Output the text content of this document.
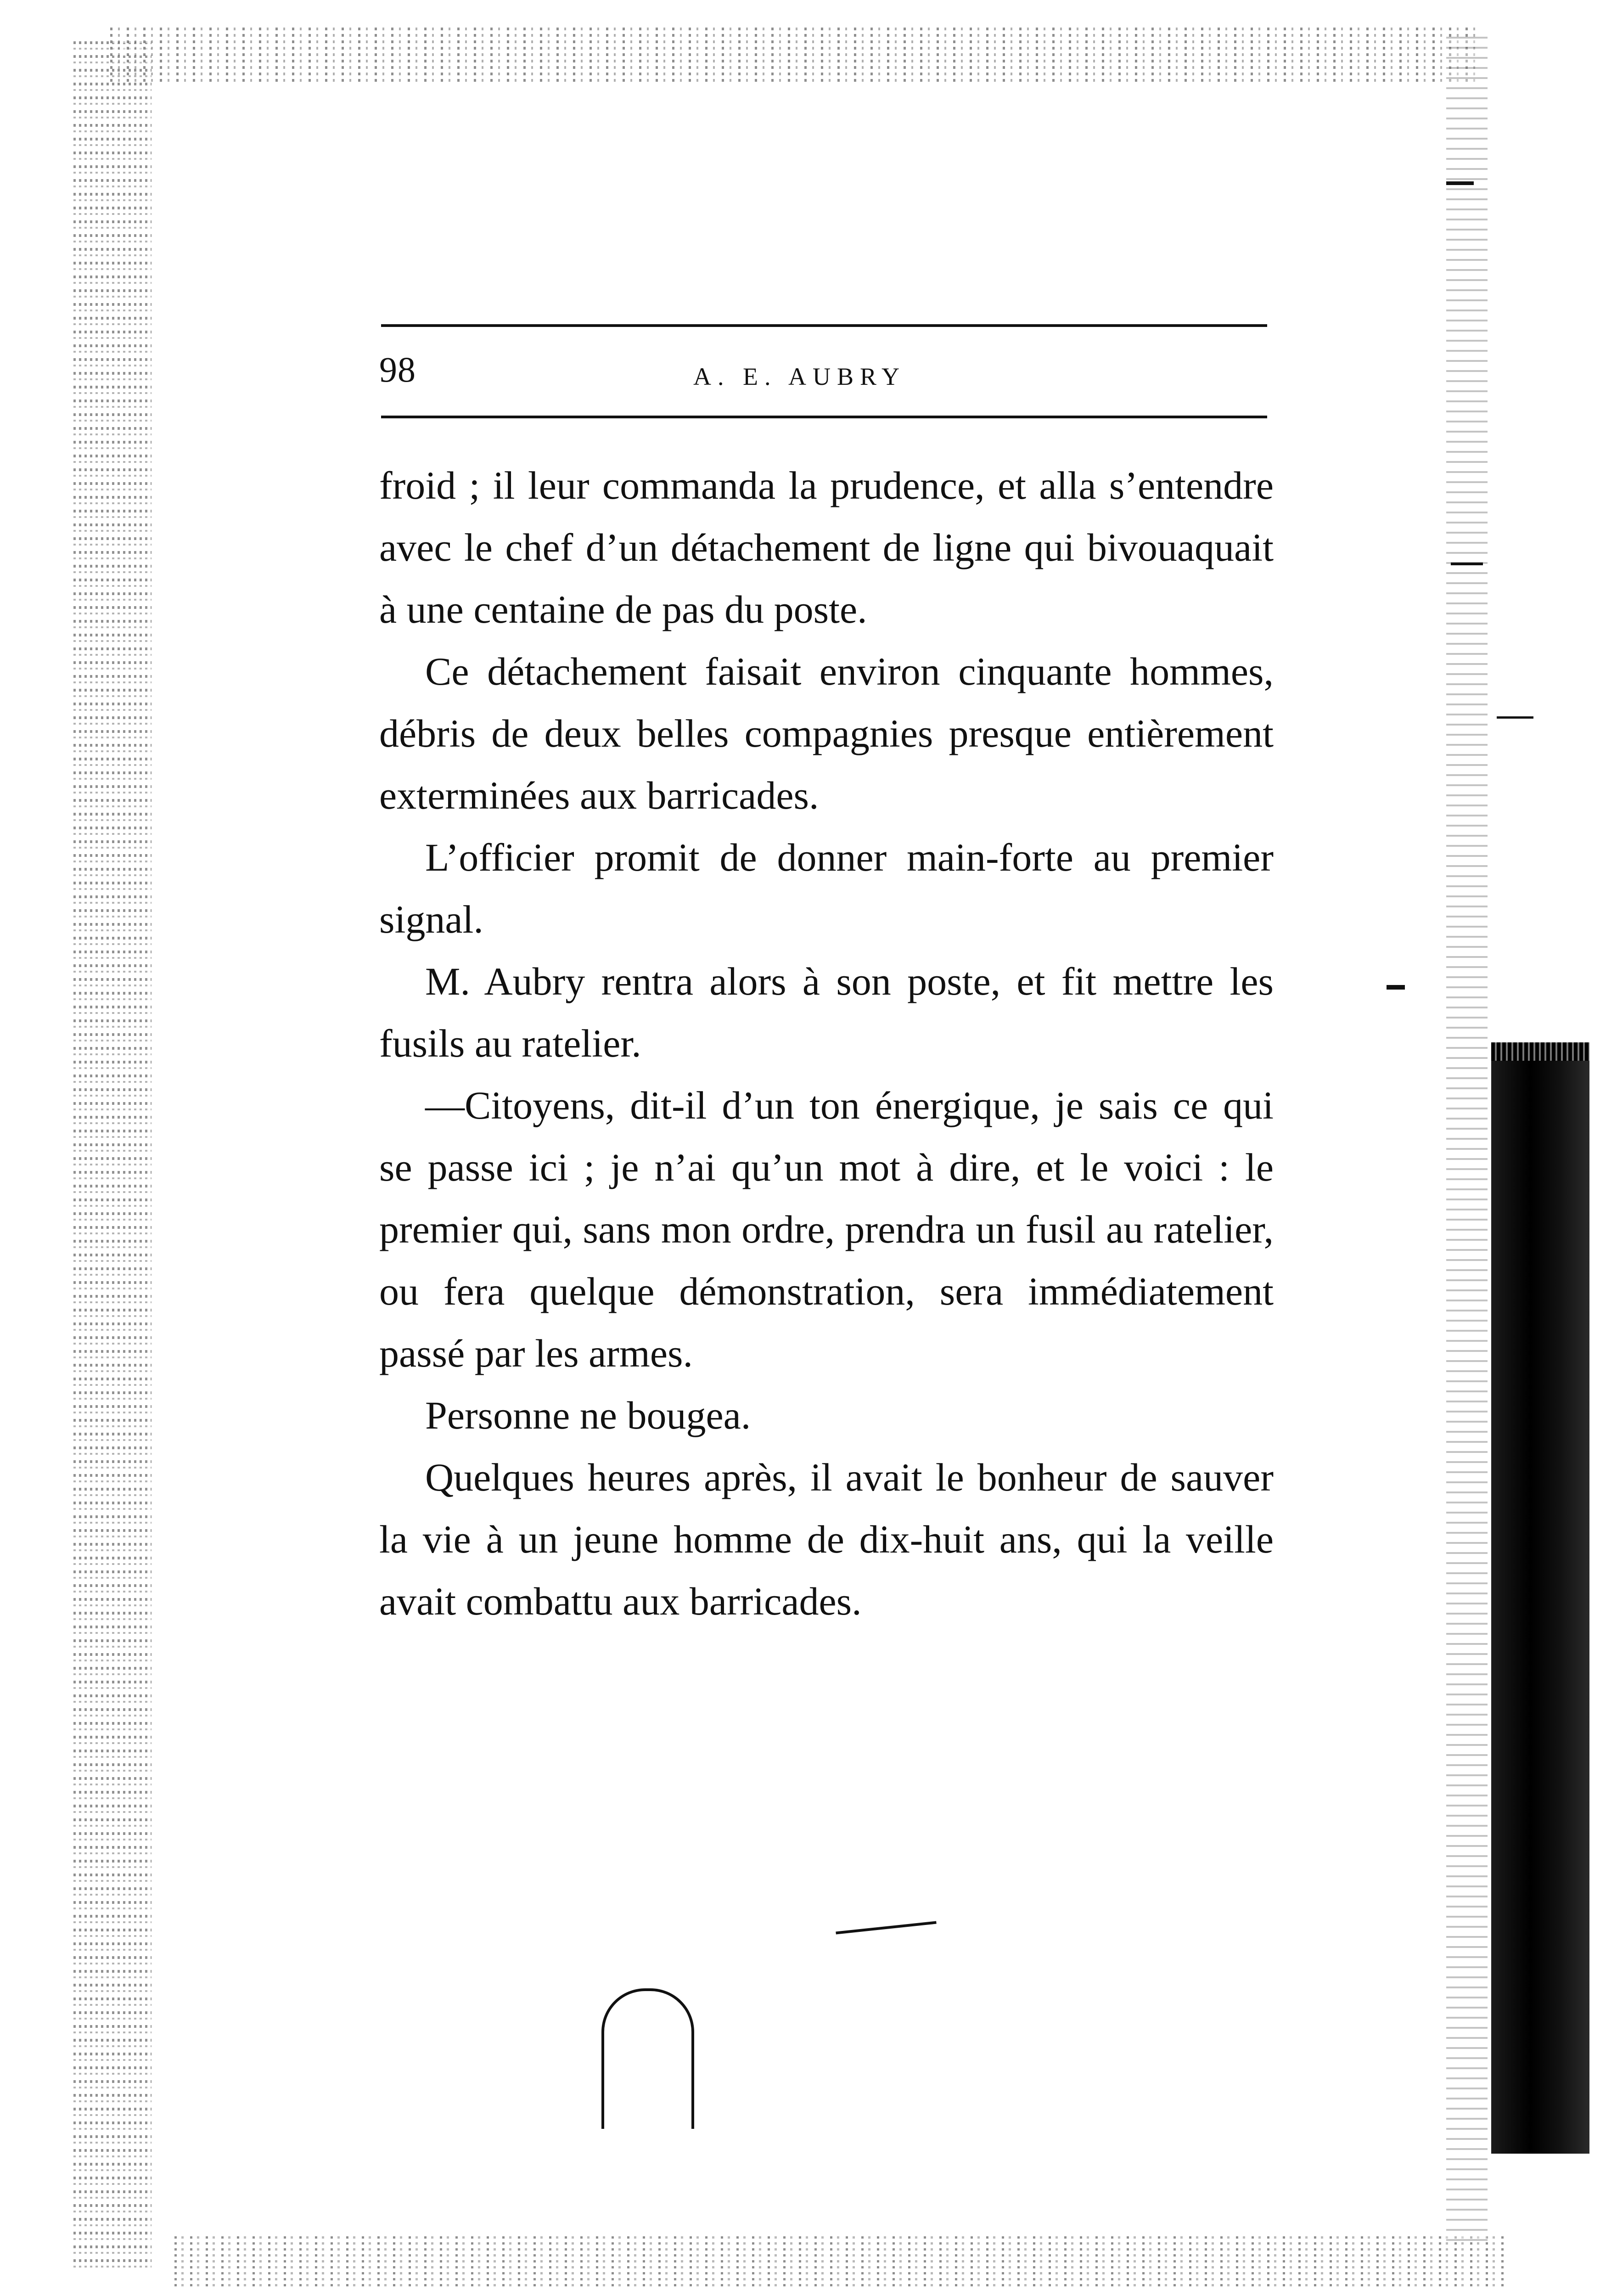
98	A. E. AUBRY

froid ; il leur commanda la prudence, et alla s’entendre avec le chef d’un détachement de ligne qui bivouaquait à une centaine de pas du poste.

Ce détachement faisait environ cinquante hommes, débris de deux belles compagnies presque entièrement exterminées aux barricades.

L’officier promit de donner main-forte au premier signal.

M. Aubry rentra alors à son poste, et fit mettre les fusils au ratelier.

—Citoyens, dit-il d’un ton énergique, je sais ce qui se passe ici ; je n’ai qu’un mot à dire, et le voici : le premier qui, sans mon ordre, prendra un fusil au ratelier, ou fera quelque démonstration, sera immédiatement passé par les armes.

Personne ne bougea.

Quelques heures après, il avait le bonheur de sauver la vie à un jeune homme de dix-huit ans, qui la veille avait combattu aux barricades.
